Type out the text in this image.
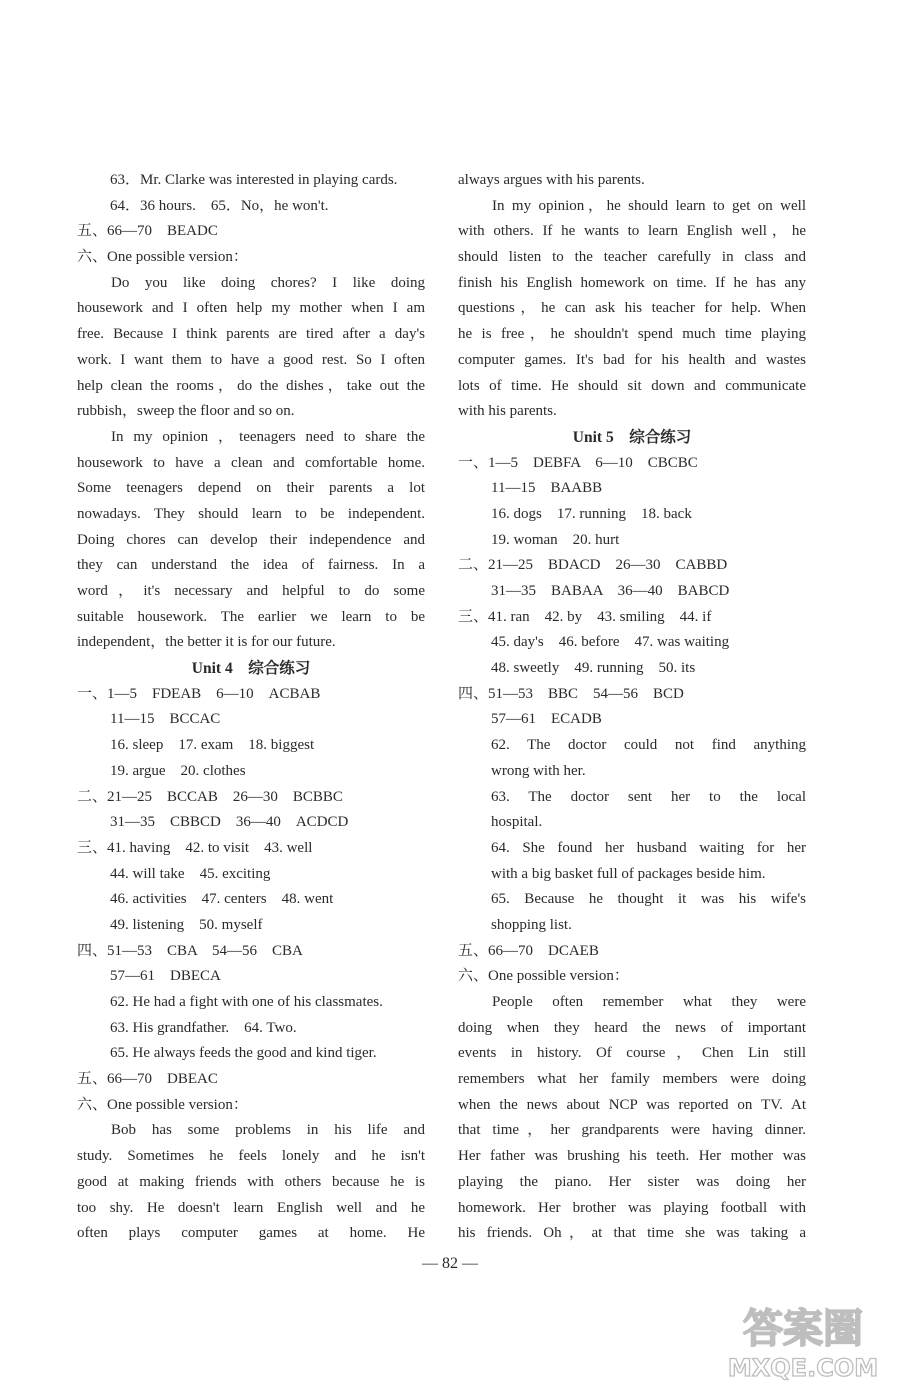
63．Mr. Clarke was interested in playing cards.
64．36 hours.　65．No，he won't.
五、66—70　BEADC
六、One possible version：
Do you like doing chores? I like doing
housework and I often help my mother when I am
free. Because I think parents are tired after a day's
work. I want them to have a good rest. So I often
help clean the rooms，do the dishes，take out the
rubbish，sweep the floor and so on.
In my opinion ，teenagers need to share the
housework to have a clean and comfortable home.
Some teenagers depend on their parents a lot
nowadays. They should learn to be independent.
Doing chores can develop their independence and
they can understand the idea of fairness. In a
word，it's necessary and helpful to do some
suitable housework. The earlier we learn to be
independent，the better it is for our future.
Unit 4　综合练习
一、1—5　FDEAB　6—10　ACBAB
11—15　BCCAC
16. sleep　17. exam　18. biggest
19. argue　20. clothes
二、21—25　BCCAB　26—30　BCBBC
31—35　CBBCD　36—40　ACDCD
三、41. having　42. to visit　43. well
44. will take　45. exciting
46. activities　47. centers　48. went
49. listening　50. myself
四、51—53　CBA　54—56　CBA
57—61　DBECA
62. He had a fight with one of his classmates.
63. His grandfather.　64. Two.
65. He always feeds the good and kind tiger.
五、66—70　DBEAC
六、One possible version：
Bob has some problems in his life and
study. Sometimes he feels lonely and he isn't
good at making friends with others because he is
too shy. He doesn't learn English well and he
often plays computer games at home. He
always argues with his parents.
In my opinion，he should learn to get on well
with others. If he wants to learn English well，he
should listen to the teacher carefully in class and
finish his English homework on time. If he has any
questions，he can ask his teacher for help. When
he is free，he shouldn't spend much time playing
computer games. It's bad for his health and wastes
lots of time. He should sit down and communicate
with his parents.
Unit 5　综合练习
一、1—5　DEBFA　6—10　CBCBC
11—15　BAABB
16. dogs　17. running　18. back
19. woman　20. hurt
二、21—25　BDACD　26—30　CABBD
31—35　BABAA　36—40　BABCD
三、41. ran　42. by　43. smiling　44. if
45. day's　46. before　47. was waiting
48. sweetly　49. running　50. its
四、51—53　BBC　54—56　BCD
57—61　ECADB
62. The doctor could not find anything
wrong with her.
63. The doctor sent her to the local
hospital.
64. She found her husband waiting for her
with a big basket full of packages beside him.
65. Because he thought it was his wife's
shopping list.
五、66—70　DCAEB
六、One possible version：
People often remember what they were
doing when they heard the news of important
events in history. Of course，Chen Lin still
remembers what her family members were doing
when the news about NCP was reported on TV. At
that time，her grandparents were having dinner.
Her father was brushing his teeth. Her mother was
playing the piano. Her sister was doing her
homework. Her brother was playing football with
his friends. Oh，at that time she was taking a
— 82 —
答案圈
MXQE.COM
